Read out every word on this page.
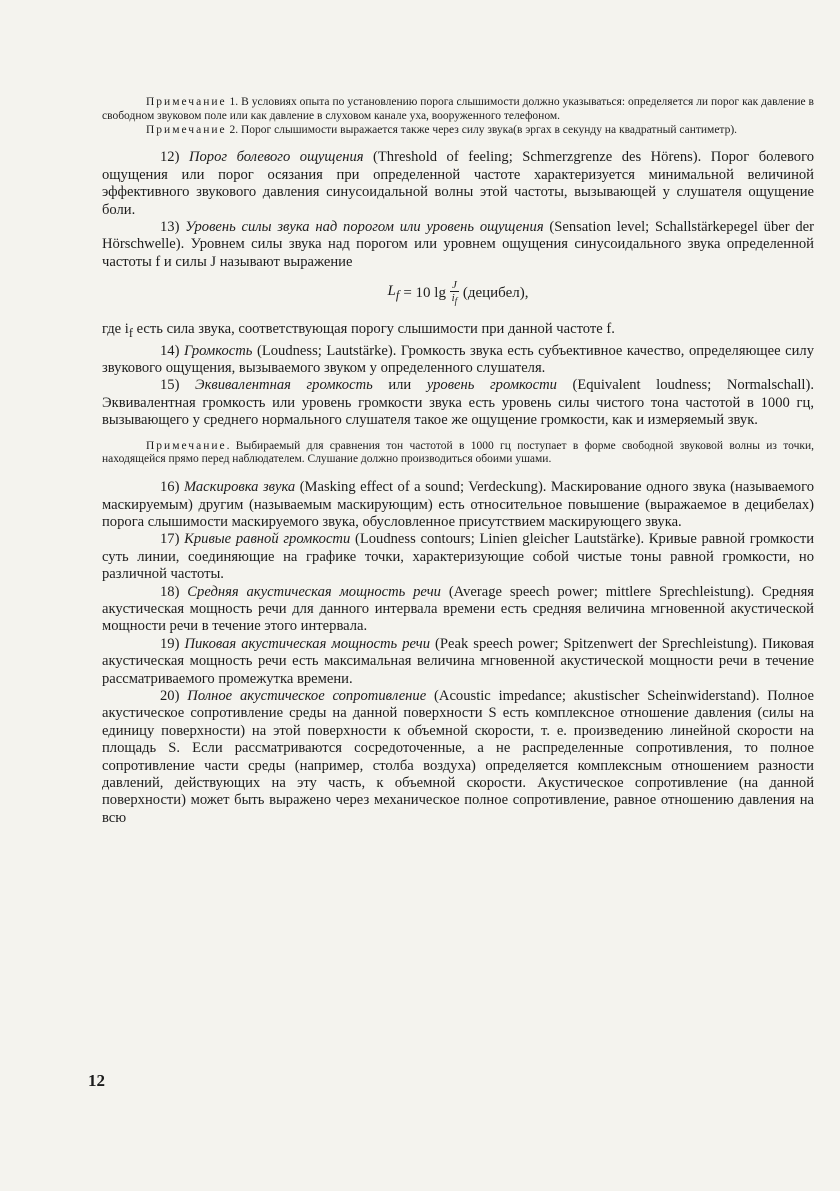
Примечание 1. В условиях опыта по установлению порога слышимости должно указываться: определяется ли порог как давление в свободном звуковом поле или как давление в слуховом канале уха, вооруженного телефоном.

Примечание 2. Порог слышимости выражается также через силу звука(в эргах в секунду на квадратный сантиметр).

12) Порог болевого ощущения (Threshold of feeling; Schmerzgrenze des Hörens). Порог болевого ощущения или порог осязания при определенной частоте характеризуется минимальной величиной эффективного звукового давления синусоидальной волны этой частоты, вызывающей у слушателя ощущение боли.

13) Уровень силы звука над порогом или уровень ощущения (Sensation level; Schallstärkepegel über der Hörschwelle). Уровнем силы звука над порогом или уровнем ощущения синусоидального звука определенной частоты f и силы J называют выражение

$L_f = 10$ $\lg \frac{J}{i_f}$ (децибел),

где $i_f$ есть сила звука, соответствующая порогу слышимости при данной частоте f.

14) Громкость (Loudness; Lautstärke). Громкость звука есть субъективное качество, определяющее силу звукового ощущения, вызываемого звуком у определенного слушателя.

15) Эквивалентная громкость или уровень громкости (Equivalent loudness; Normalschall). Эквивалентная громкость или уровень громкости звука есть уровень силы чистого тона частотой в 1000 гц, вызывающего у среднего нормального слушателя такое же ощущение громкости, как и измеряемый звук.

Примечание. Выбираемый для сравнения тон частотой в 1000 гц поступает в форме свободной звуковой волны из точки, находящейся прямо перед наблюдателем. Слушание должно производиться обоими ушами.

16) Маскировка звука (Masking effect of a sound; Verdeckung). Маскирование одного звука (называемого маскируемым) другим (называемым маскирующим) есть относительное повышение (выражаемое в децибелах) порога слышимости маскируемого звука, обусловленное присутствием маскирующего звука.

17) Кривые равной громкости (Loudness contours; Linien gleicher Lautstärke). Кривые равной громкости суть линии, соединяющие на графике точки, характеризующие собой чистые тоны равной громкости, но различной частоты.

18) Средняя акустическая мощность речи (Average speech power; mittlere Sprechleistung). Средняя акустическая мощность речи для данного интервала времени есть средняя величина мгновенной акустической мощности речи в течение этого интервала.

19) Пиковая акустическая мощность речи (Peak speech power; Spitzenwert der Sprechleistung). Пиковая акустическая мощность речи есть максимальная величина мгновенной акустической мощности речи в течение рассматриваемого промежутка времени.

20) Полное акустическое сопротивление (Acoustic impedance; akustischer Scheinwiderstand). Полное акустическое сопротивление среды на данной поверхности S есть комплексное отношение давления (силы на единицу поверхности) на этой поверхности к объемной скорости, т. е. произведению линейной скорости на площадь S. Если рассматриваются сосредоточенные, а не распределенные сопротивления, то полное сопротивление части среды (например, столба воздуха) определяется комплексным отношением разности давлений, действующих на эту часть, к объемной скорости. Акустическое сопротивление (на данной поверхности) может быть выражено через механическое полное сопротивление, равное отношению давления на всю

12
